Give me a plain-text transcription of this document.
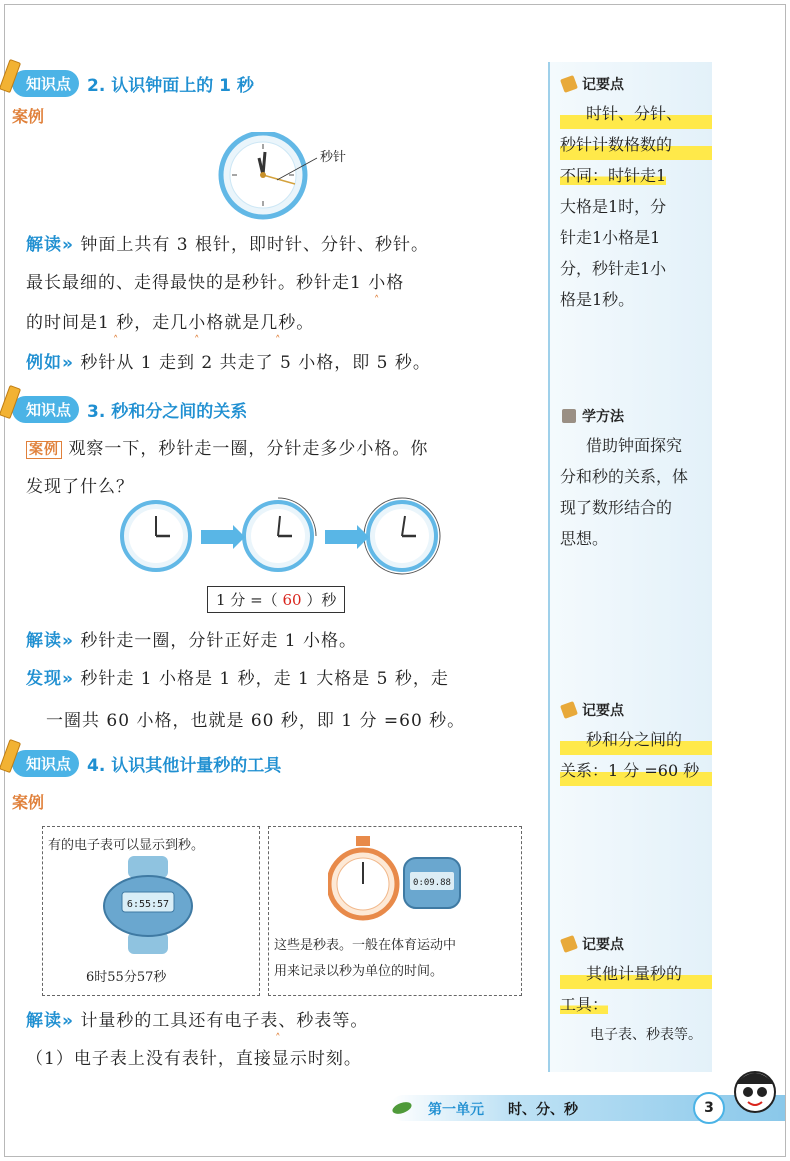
知识点 2. 认识钟面上的 1 秒
案例
秒针
解读» 钟面上共有 3 根针，即时针、分针、秒针。
最长最细的、走得最快的是秒针。秒针走1 小格 ˄
的时间是1 秒 ˄，走几小格 ˄就是几秒 ˄。
例如» 秒针从 1 走到 2 共走了 5 小格，即 5 秒。
知识点 3. 秒和分之间的关系
案例 观察一下，秒针走一圈，分针走多少小格。你
发现了什么？
1 分 =（ 60 ）秒
解读» 秒针走一圈，分针正好走 1 小格。
发现» 秒针走 1 小格是 1 秒，走 1 大格是 5 秒，走
一圈共 60 小格，也就是 60 秒，即 1 分 =60 秒。
知识点 4. 认识其他计量秒的工具
案例
有的电子表可以显示到秒。
6:55:57
6时55分57秒
0:09.88
这些是秒表。一般在体育运动中
用来记录以秒为单位的时间。
解读» 计量秒的工具还有电子表、秒表 ˄等。
（1）电子表上没有表针，直接显示时刻。
记要点
时针、分针、
秒针计数格数的
不同：时针走1
大格是1时，分
针走1小格是1
分，秒针走1小
格是1秒。
学方法
借助钟面探究
分和秒的关系，体
现了数形结合的
思想。
记要点
秒和分之间的
关系：1 分 =60 秒
记要点
其他计量秒的
工具：
电子表、秒表等。
第一单元 时、分、秒	3
